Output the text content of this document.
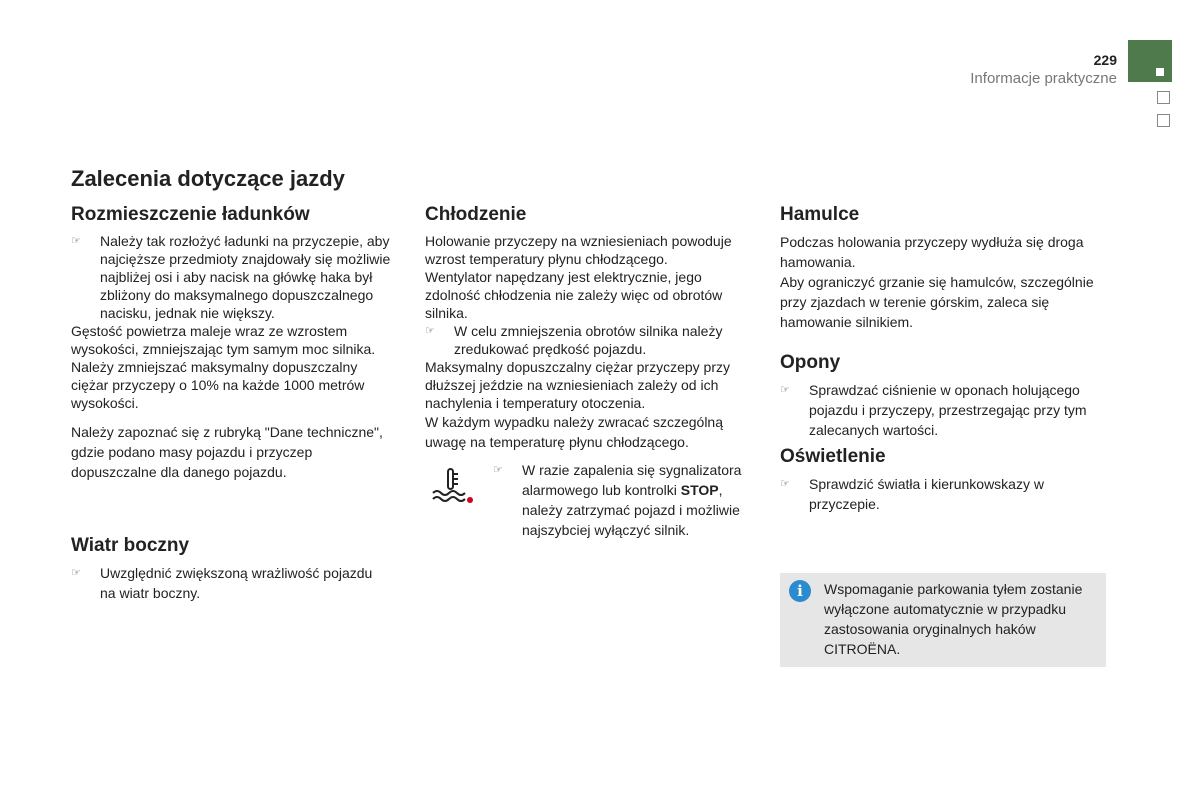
229
Informacje praktyczne
Zalecenia dotyczące jazdy
Rozmieszczenie ładunków
☞ Należy tak rozłożyć ładunki na przyczepie, aby najcięższe przedmioty znajdowały się możliwie najbliżej osi i aby nacisk na główkę haka był zbliżony do maksymalnego dopuszczalnego nacisku, jednak nie większy.

Gęstość powietrza maleje wraz ze wzrostem wysokości, zmniejszając tym samym moc silnika. Należy zmniejszać maksymalny dopuszczalny ciężar przyczepy o 10% na każde 1000 metrów wysokości.

Należy zapoznać się z rubryką "Dane techniczne", gdzie podano masy pojazdu i przyczep dopuszczalne dla danego pojazdu.

Wiatr boczny
☞ Uwzględnić zwiększoną wrażliwość pojazdu na wiatr boczny.
Chłodzenie

Holowanie przyczepy na wzniesieniach powoduje wzrost temperatury płynu chłodzącego.

Wentylator napędzany jest elektrycznie, jego zdolność chłodzenia nie zależy więc od obrotów silnika.

☞ W celu zmniejszenia obrotów silnika należy zredukować prędkość pojazdu.

Maksymalny dopuszczalny ciężar przyczepy przy dłuższej jeździe na wzniesieniach zależy od ich nachylenia i temperatury otoczenia.

W każdym wypadku należy zwracać szczególną uwagę na temperaturę płynu chłodzącego.

☞ W razie zapalenia się sygnalizatora alarmowego lub kontrolki STOP, należy zatrzymać pojazd i możliwie najszybciej wyłączyć silnik.
Hamulce

Podczas holowania przyczepy wydłuża się droga hamowania.

Aby ograniczyć grzanie się hamulców, szczególnie przy zjazdach w terenie górskim, zaleca się hamowanie silnikiem.

Opony
☞ Sprawdzać ciśnienie w oponach holującego pojazdu i przyczepy, przestrzegając przy tym zalecanych wartości.
Oświetlenie
☞ Sprawdzić światła i kierunkowskazy w przyczepie.
i	Wspomaganie parkowania tyłem zostanie wyłączone automatycznie w przypadku zastosowania oryginalnych haków CITROËNA.
